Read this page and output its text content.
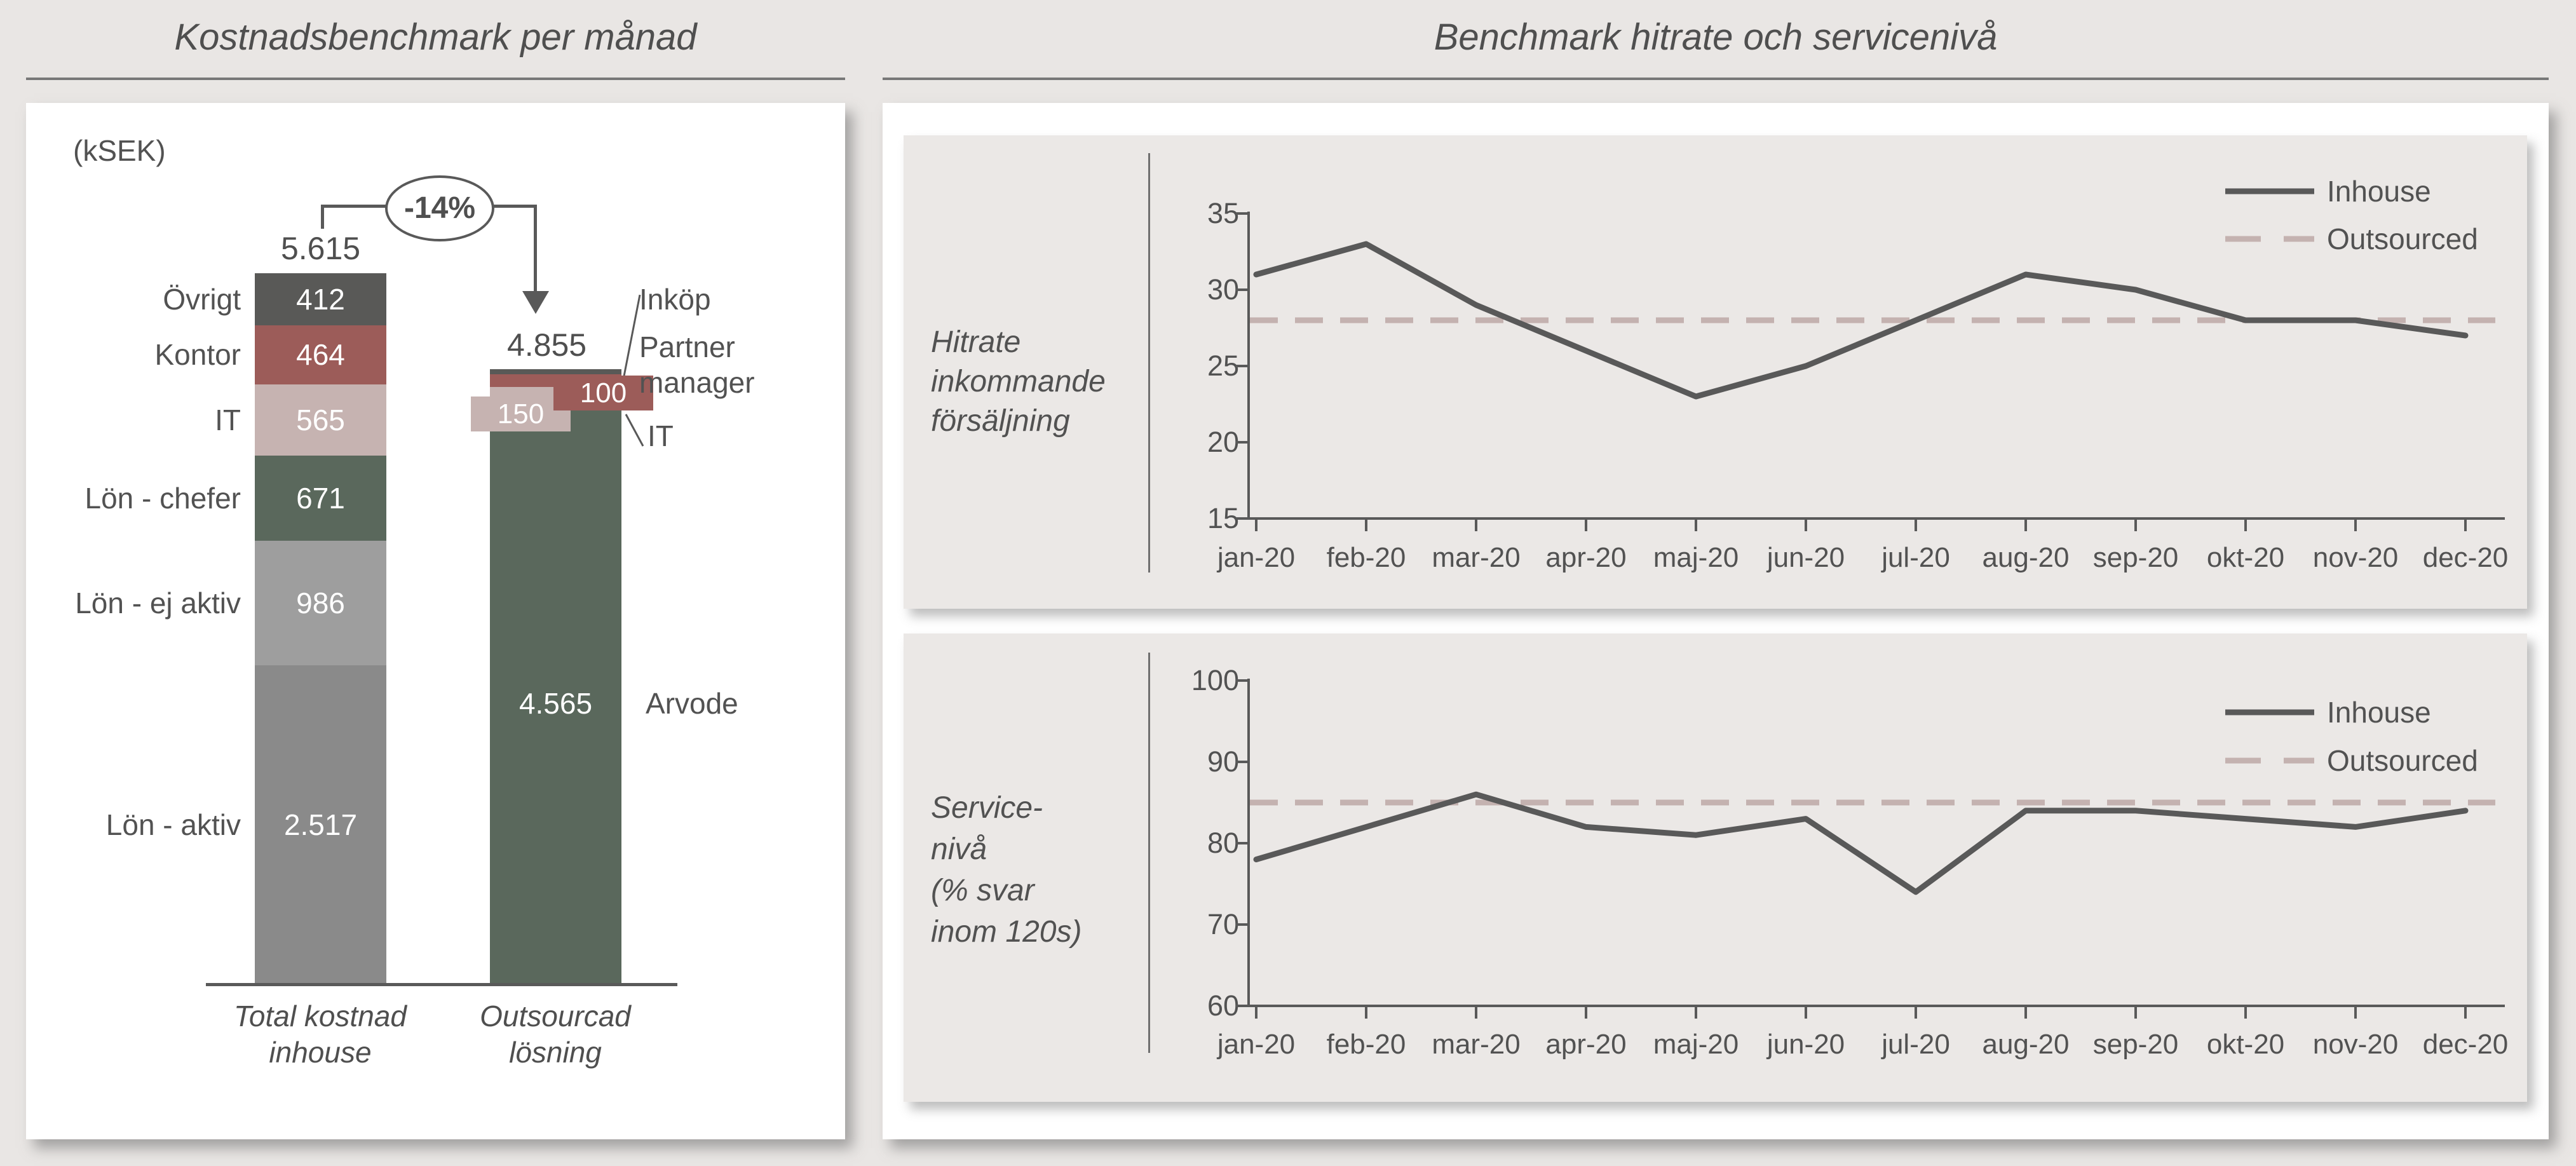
Kostnadsbenchmark per månad
(kSEK)
-14%
2.517
Lön - aktiv
986
Lön - ej aktiv
671
Lön - chefer
565
IT
464
Kontor
412
Övrigt
5.615
4.565	Arvode
150
IT
100
Partner manager
Inköp
4.855
Total kostnad inhouse
Outsourcad lösning
Benchmark hitrate och servicenivå
Hitrate
inkommande
försäljning
35
30
25
20
15
jan-20	feb-20 mar-20 apr-20 maj-20	jun-20	jul-20	aug-20 sep-20	okt-20	nov-20 dec-20
Inhouse
Outsourced
Service-
nivå
(% svar
inom 120s)
100
90
80
70
60
jan-20	feb-20 mar-20 apr-20 maj-20	jun-20	jul-20	aug-20 sep-20	okt-20	nov-20 dec-20
Inhouse
Outsourced
